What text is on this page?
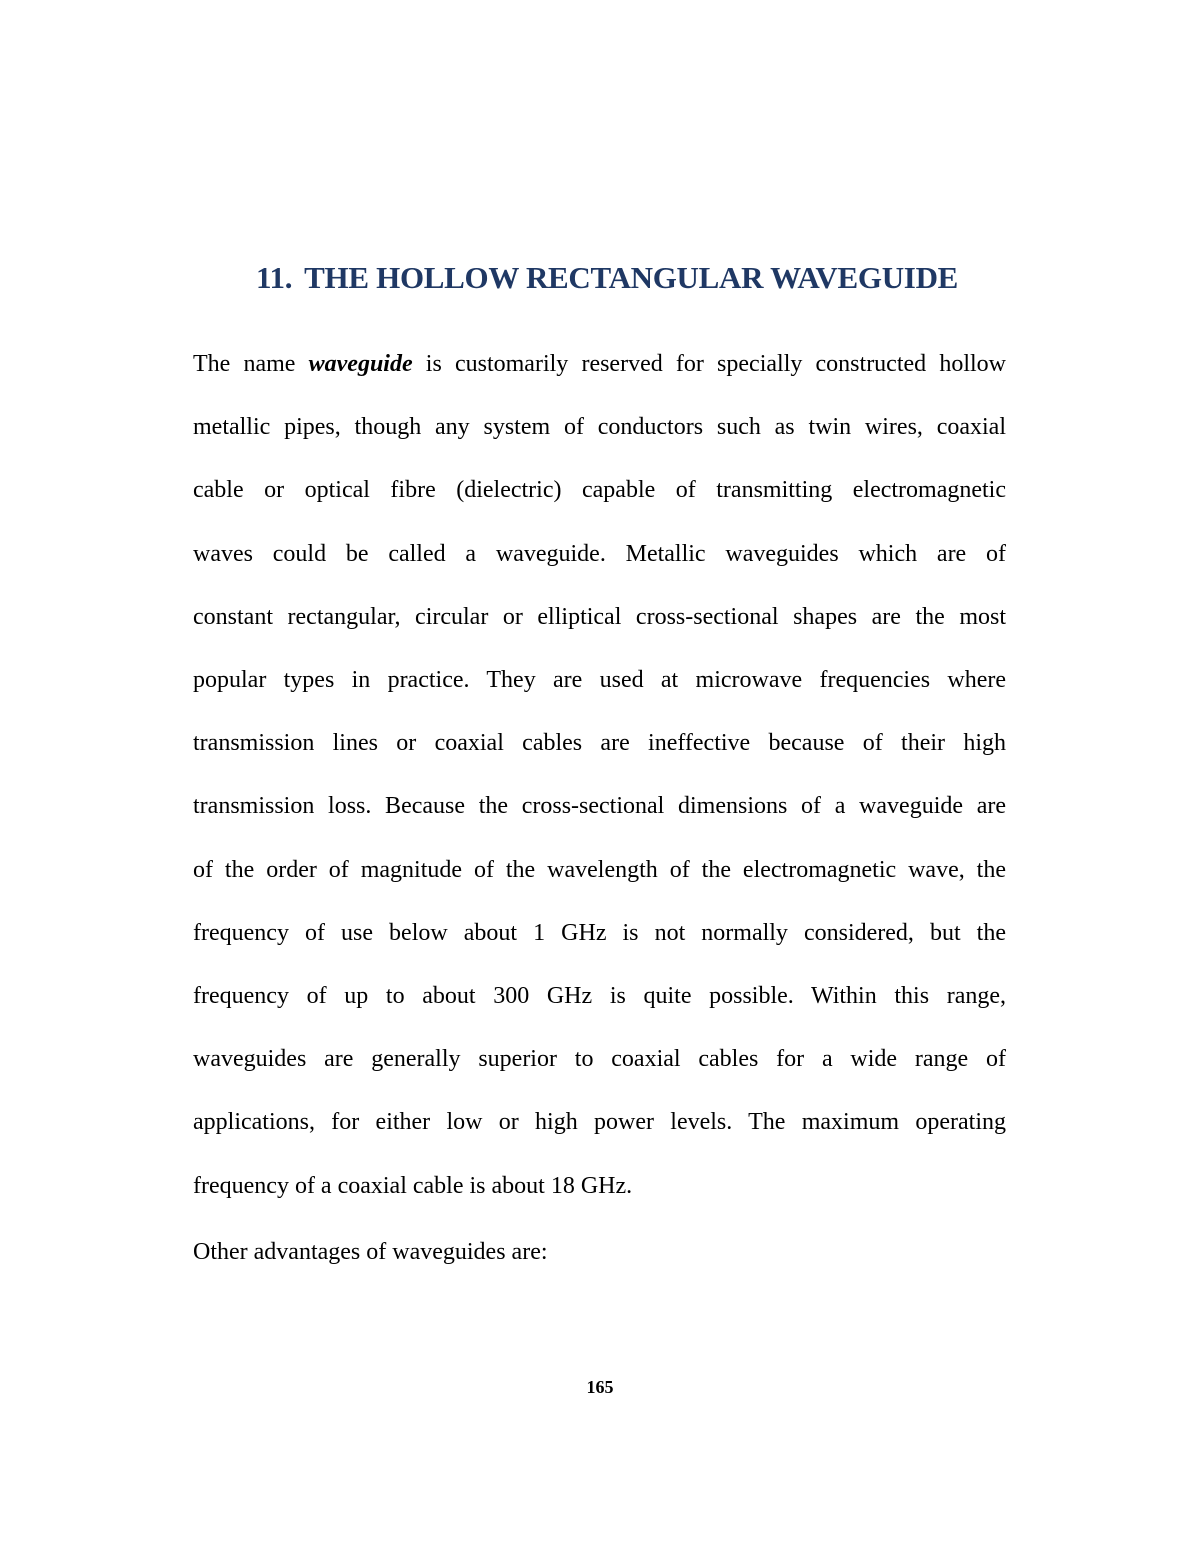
11. THE HOLLOW RECTANGULAR WAVEGUIDE

The name waveguide is customarily reserved for specially constructed hollow
metallic pipes, though any system of conductors such as twin wires, coaxial
cable or optical fibre (dielectric) capable of transmitting electromagnetic
waves could be called a waveguide. Metallic waveguides which are of
constant rectangular, circular or elliptical cross-sectional shapes are the most
popular types in practice. They are used at microwave frequencies where
transmission lines or coaxial cables are ineffective because of their high
transmission loss. Because the cross-sectional dimensions of a waveguide are
of the order of magnitude of the wavelength of the electromagnetic wave, the
frequency of use below about 1 GHz is not normally considered, but the
frequency of up to about 300 GHz is quite possible. Within this range,
waveguides are generally superior to coaxial cables for a wide range of
applications, for either low or high power levels. The maximum operating
frequency of a coaxial cable is about 18 GHz.

Other advantages of waveguides are:

165
